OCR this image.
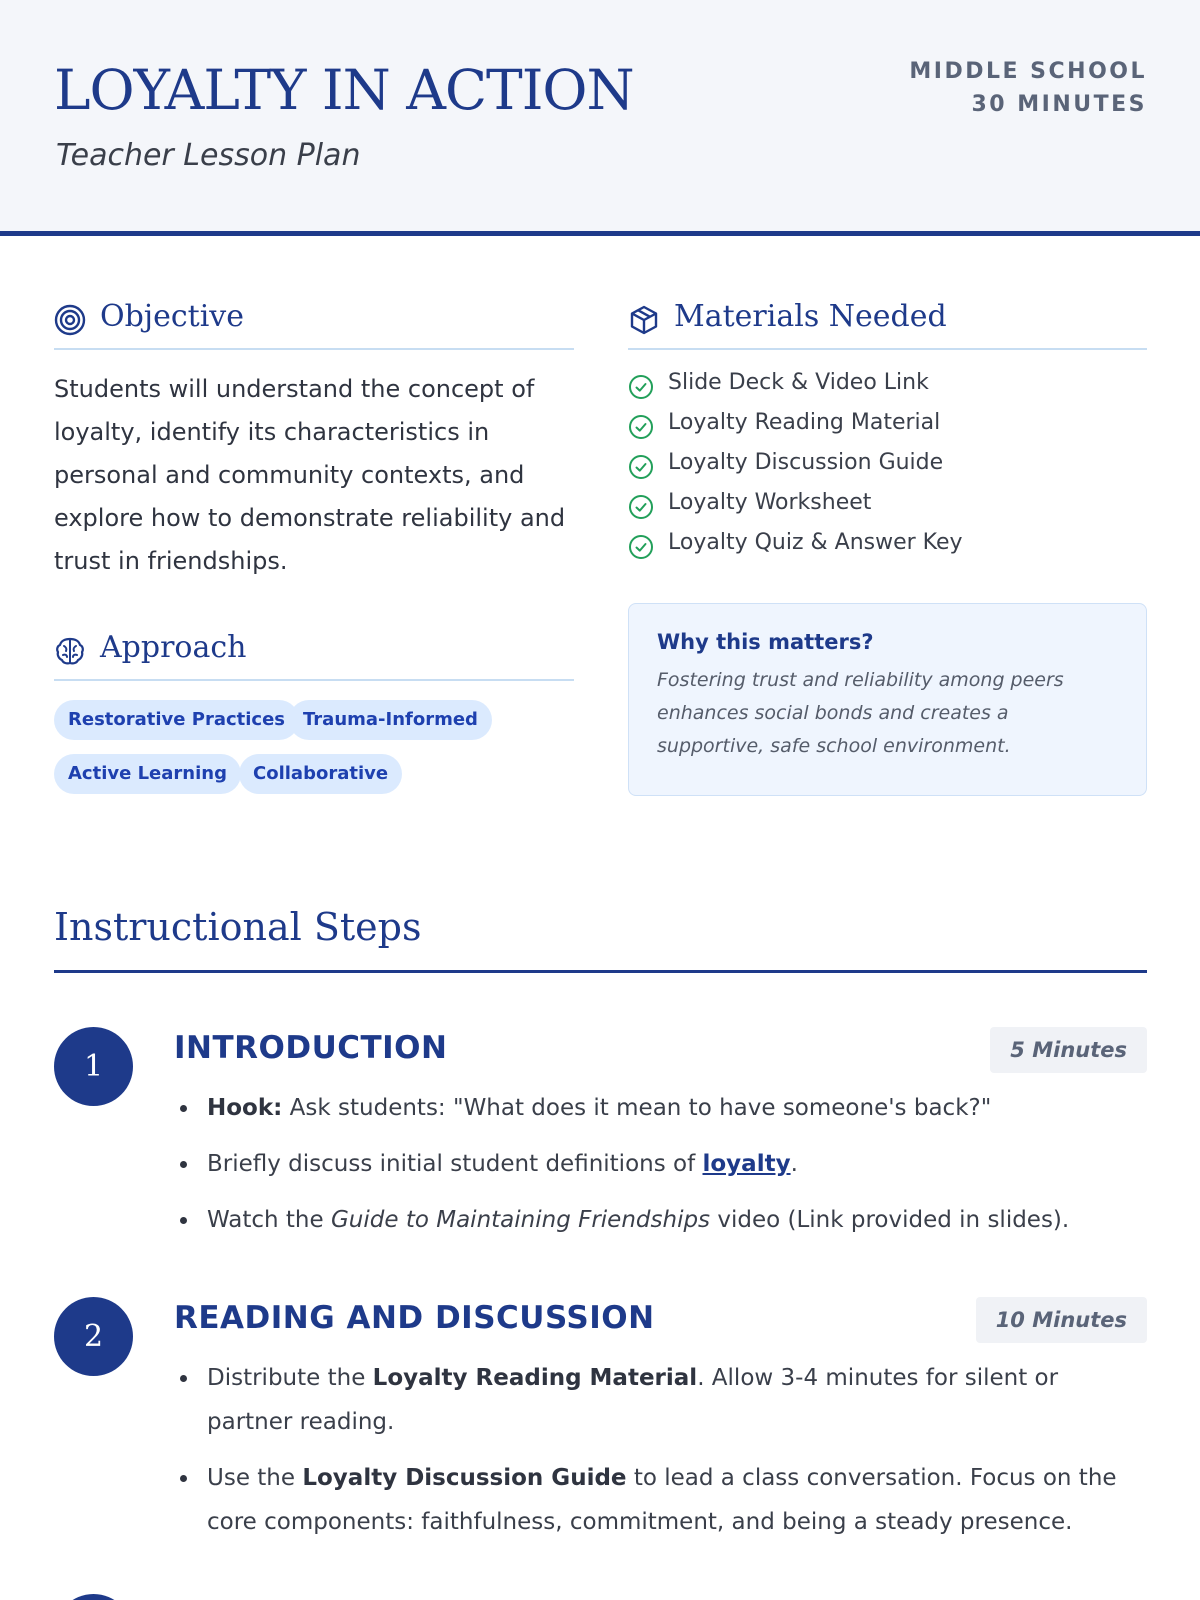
LOYALTY IN ACTION
Teacher Lesson Plan
MIDDLE SCHOOL
30 MINUTES
Objective
Students will understand the concept of loyalty, identify its characteristics in personal and community contexts, and explore how to demonstrate reliability and trust in friendships.
Materials Needed
Slide Deck & Video Link
Loyalty Reading Material
Loyalty Discussion Guide
Loyalty Worksheet
Loyalty Quiz & Answer Key
Approach
Restorative Practices Trauma-Informed
Active Learning	Collaborative
Why this matters?
Fostering trust and reliability among peers enhances social bonds and creates a supportive, safe school environment.
Instructional Steps
1
INTRODUCTION	5 Minutes
Hook: Ask students: "What does it mean to have someone's back?"
Briefly discuss initial student definitions of loyalty.
Watch the Guide to Maintaining Friendships video (Link provided in slides).
2
READING AND DISCUSSION	10 Minutes
Distribute the Loyalty Reading Material. Allow 3-4 minutes for silent or partner reading.
Use the Loyalty Discussion Guide to lead a class conversation. Focus on the core components: faithfulness, commitment, and being a steady presence.
